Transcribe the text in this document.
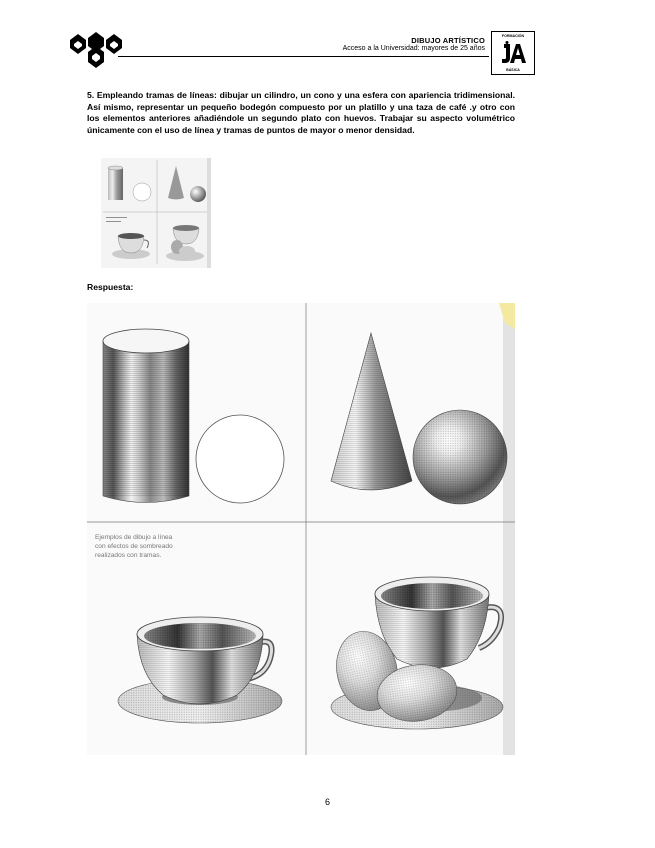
DIBUJO ARTÍSTICO
Acceso a la Universidad: mayores de 25 años
FORMACIÓN
BÁSICA

5. Empleando tramas de líneas: dibujar un cilindro, un cono y una esfera con apariencia tridimensional. Así mismo, representar un pequeño bodegón compuesto por un platillo y una taza de café .y otro con los elementos anteriores añadiéndole un segundo plato con huevos. Trabajar su aspecto volumétrico únicamente con el uso de línea y tramas de puntos de mayor o menor densidad.

▬▬▬▬▬▬▬
▬▬▬▬▬
Respuesta:
Ejemplos de dibujo a línea
con efectos de sombreado
realizados con tramas.
6
